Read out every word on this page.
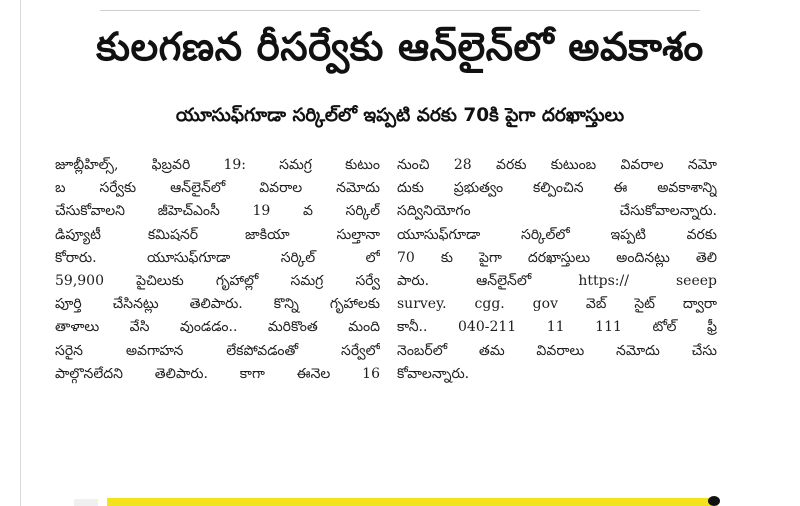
కులగణన రీసర్వేకు ఆన్‌లైన్‌లో అవకాశం
యూసుఫ్‌గూడా సర్కిల్‌లో ఇప్పటి వరకు 70కి పైగా దరఖాస్తులు
జూబ్లీహిల్స్‌, ఫిబ్రవరి 19: సమగ్ర కుటుం
బ సర్వేకు ఆన్‌లైన్‌లో వివరాల నమోదు
చేసుకోవాలని జీహెచ్‌ఎంసీ 19 వ సర్కిల్‌
డిప్యూటీ కమిషనర్‌ జాకియా సుల్తానా
కోరారు. యూసుఫ్‌గూడా సర్కిల్‌ లో
59,900 పైచిలుకు గృహాల్లో సమగ్ర సర్వే
పూర్తి చేసినట్లు తెలిపారు. కొన్ని గృహాలకు
తాళాలు వేసి వుండడం.. మరికొంత మంది
సరైన అవగాహన లేకపోవడంతో సర్వేలో
పాల్గొనలేదని తెలిపారు. కాగా ఈనెల 16
నుంచి 28 వరకు కుటుంబ వివరాల నమో
దుకు ప్రభుత్వం కల్పించిన ఈ అవకాశాన్ని
సద్వినియోగం చేసుకోవాలన్నారు.
యూసుఫ్‌గూడా సర్కిల్‌లో ఇప్పటి వరకు
70 కు పైగా దరఖాస్తులు అందినట్లు తెలి
పారు. ఆన్‌లైన్‌లో https:// seeep
survey. cgg. gov వెబ్ సైట్ ద్వారా
కానీ.. 040-211 11 111 టోల్ ఫ్రీ
నెంబర్‌లో తమ వివరాలు నమోదు చేసు
కోవాలన్నారు.
